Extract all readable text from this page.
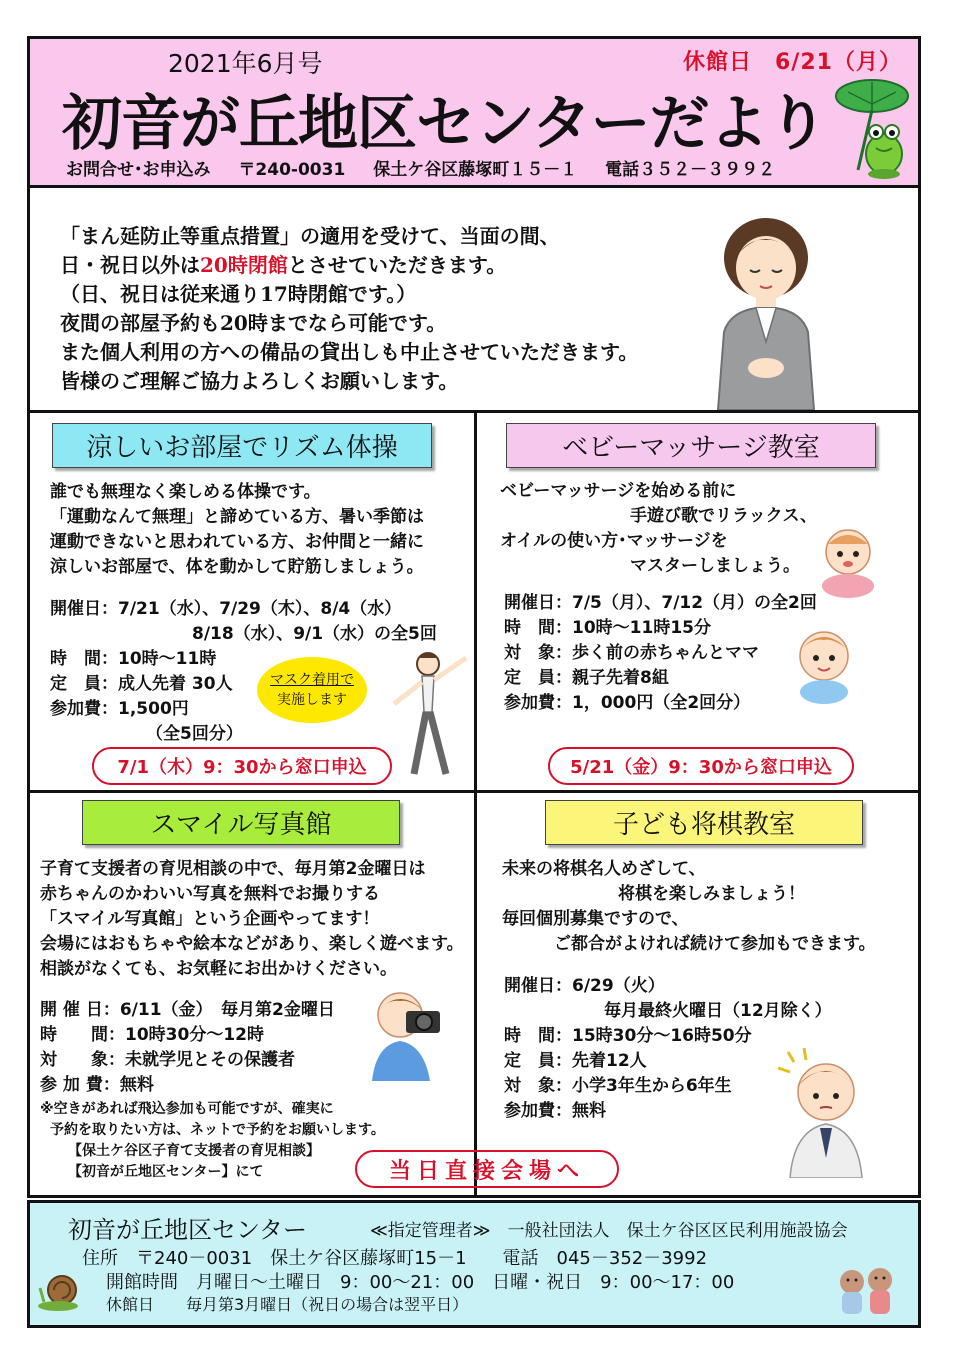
2021年6月号	休館日　6/21（月）
初音が丘地区センターだより
お問合せ･お申込み 〒240-0031 保土ケ谷区藤塚町１５－１ 電話３５２－３９９２
「まん延防止等重点措置」の適用を受けて、当面の間、
日・祝日以外は20時閉館とさせていただきます。
（日、祝日は従来通り17時閉館です。）
夜間の部屋予約も20時までなら可能です。
また個人利用の方への備品の貸出しも中止させていただきます。
皆様のご理解ご協力よろしくお願いします。
涼しいお部屋でリズム体操
誰でも無理なく楽しめる体操です。
「運動なんて無理」と諦めている方、暑い季節は
運動できないと思われている方、お仲間と一緒に
涼しいお部屋で、体を動かして貯筋しましょう。
開催日：7/21（水）、7/29（木）、8/4（水）
8/18（水）、9/1（水）の全5回
時　間：10時～11時
定　員：成人先着 30人
参加費：1,500円
（全5回分）
マスク着用で
実施します
7/1（木）9：30から窓口申込
ベビーマッサージ教室
ベビーマッサージを始める前に
手遊び歌でリラックス、
オイルの使い方･マッサージを
マスターしましょう。
開催日：7/5（月）、7/12（月）の全2回
時　間：10時～11時15分
対　象：歩く前の赤ちゃんとママ
定　員：親子先着8組
参加費：1，000円（全2回分）
5/21（金）9：30から窓口申込
スマイル写真館
子育て支援者の育児相談の中で、毎月第2金曜日は
赤ちゃんのかわいい写真を無料でお撮りする
「スマイル写真館」という企画やってます！
会場にはおもちゃや絵本などがあり、楽しく遊べます。
相談がなくても、お気軽にお出かけください。
開 催 日：6/11（金）　毎月第2金曜日
時　　間：10時30分～12時
対　　象：未就学児とその保護者
参 加 費：無料
※空きがあれば飛込参加も可能ですが、確実に
予約を取りたい方は、ネットで予約をお願いします。
【保土ケ谷区子育て支援者の育児相談】
【初音が丘地区センター】にて	当日直接会場へ
子ども将棋教室
未来の将棋名人めざして、
将棋を楽しみましょう！
毎回個別募集ですので、
ご都合がよければ続けて参加もできます。
開催日：6/29（火）
毎月最終火曜日（12月除く）
時　間：15時30分～16時50分
定　員：先着12人
対　象：小学3年生から6年生
参加費：無料
初音が丘地区センター	≪指定管理者≫　一般社団法人　保土ケ谷区区民利用施設協会
住所　〒240－0031　保土ケ谷区藤塚町15－1　　電話　045－352－3992
開館時間　月曜日～土曜日　9：00～21：00　日曜・祝日　9：00～17：00
休館日　　毎月第3月曜日（祝日の場合は翌平日）
